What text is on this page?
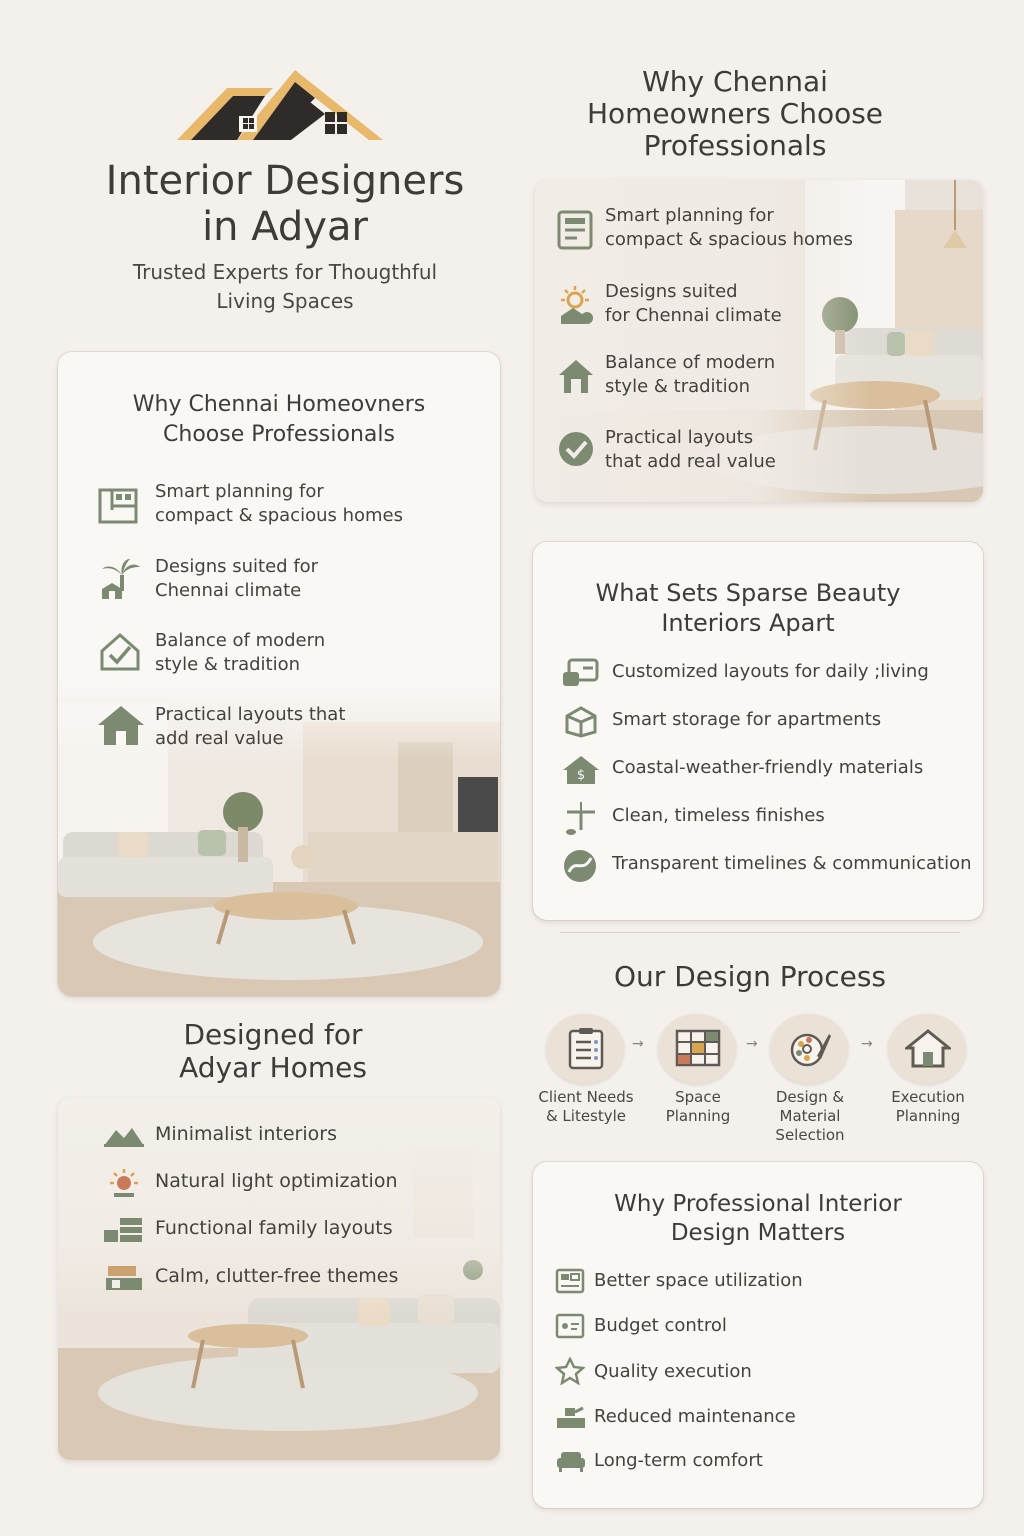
Interior Designers
in Adyar
Trusted Experts for Thougthful
Living Spaces
Why Chennai Homeovners
Choose Professionals
Smart planning for
compact & spacious homes
Designs suited for
Chennai climate
Balance of modern
style & tradition
Practical layouts that
add real value
Why Chennai
Homeowners Choose
Professionals
Smart planning for
compact & spacious homes
Designs suited
for Chennai climate
Balance of modern
style & tradition
Practical layouts
that add real value
What Sets Sparse Beauty
Interiors Apart
Customized layouts for daily ;living
Smart storage for apartments
$ Coastal-weather-friendly materials
Clean, timeless finishes
Transparent timelines & communication
Our Design Process
Client Needs
& Litestyle
→
Space
Planning
→
Design &
Material
Selection
→
Execution
Planning
Designed for
Adyar Homes
Minimalist interiors
Natural light optimization
Functional family layouts
Calm, clutter-free themes
Why Professional Interior
Design Matters
Better space utilization
Budget control
Quality execution
Reduced maintenance
Long-term comfort
